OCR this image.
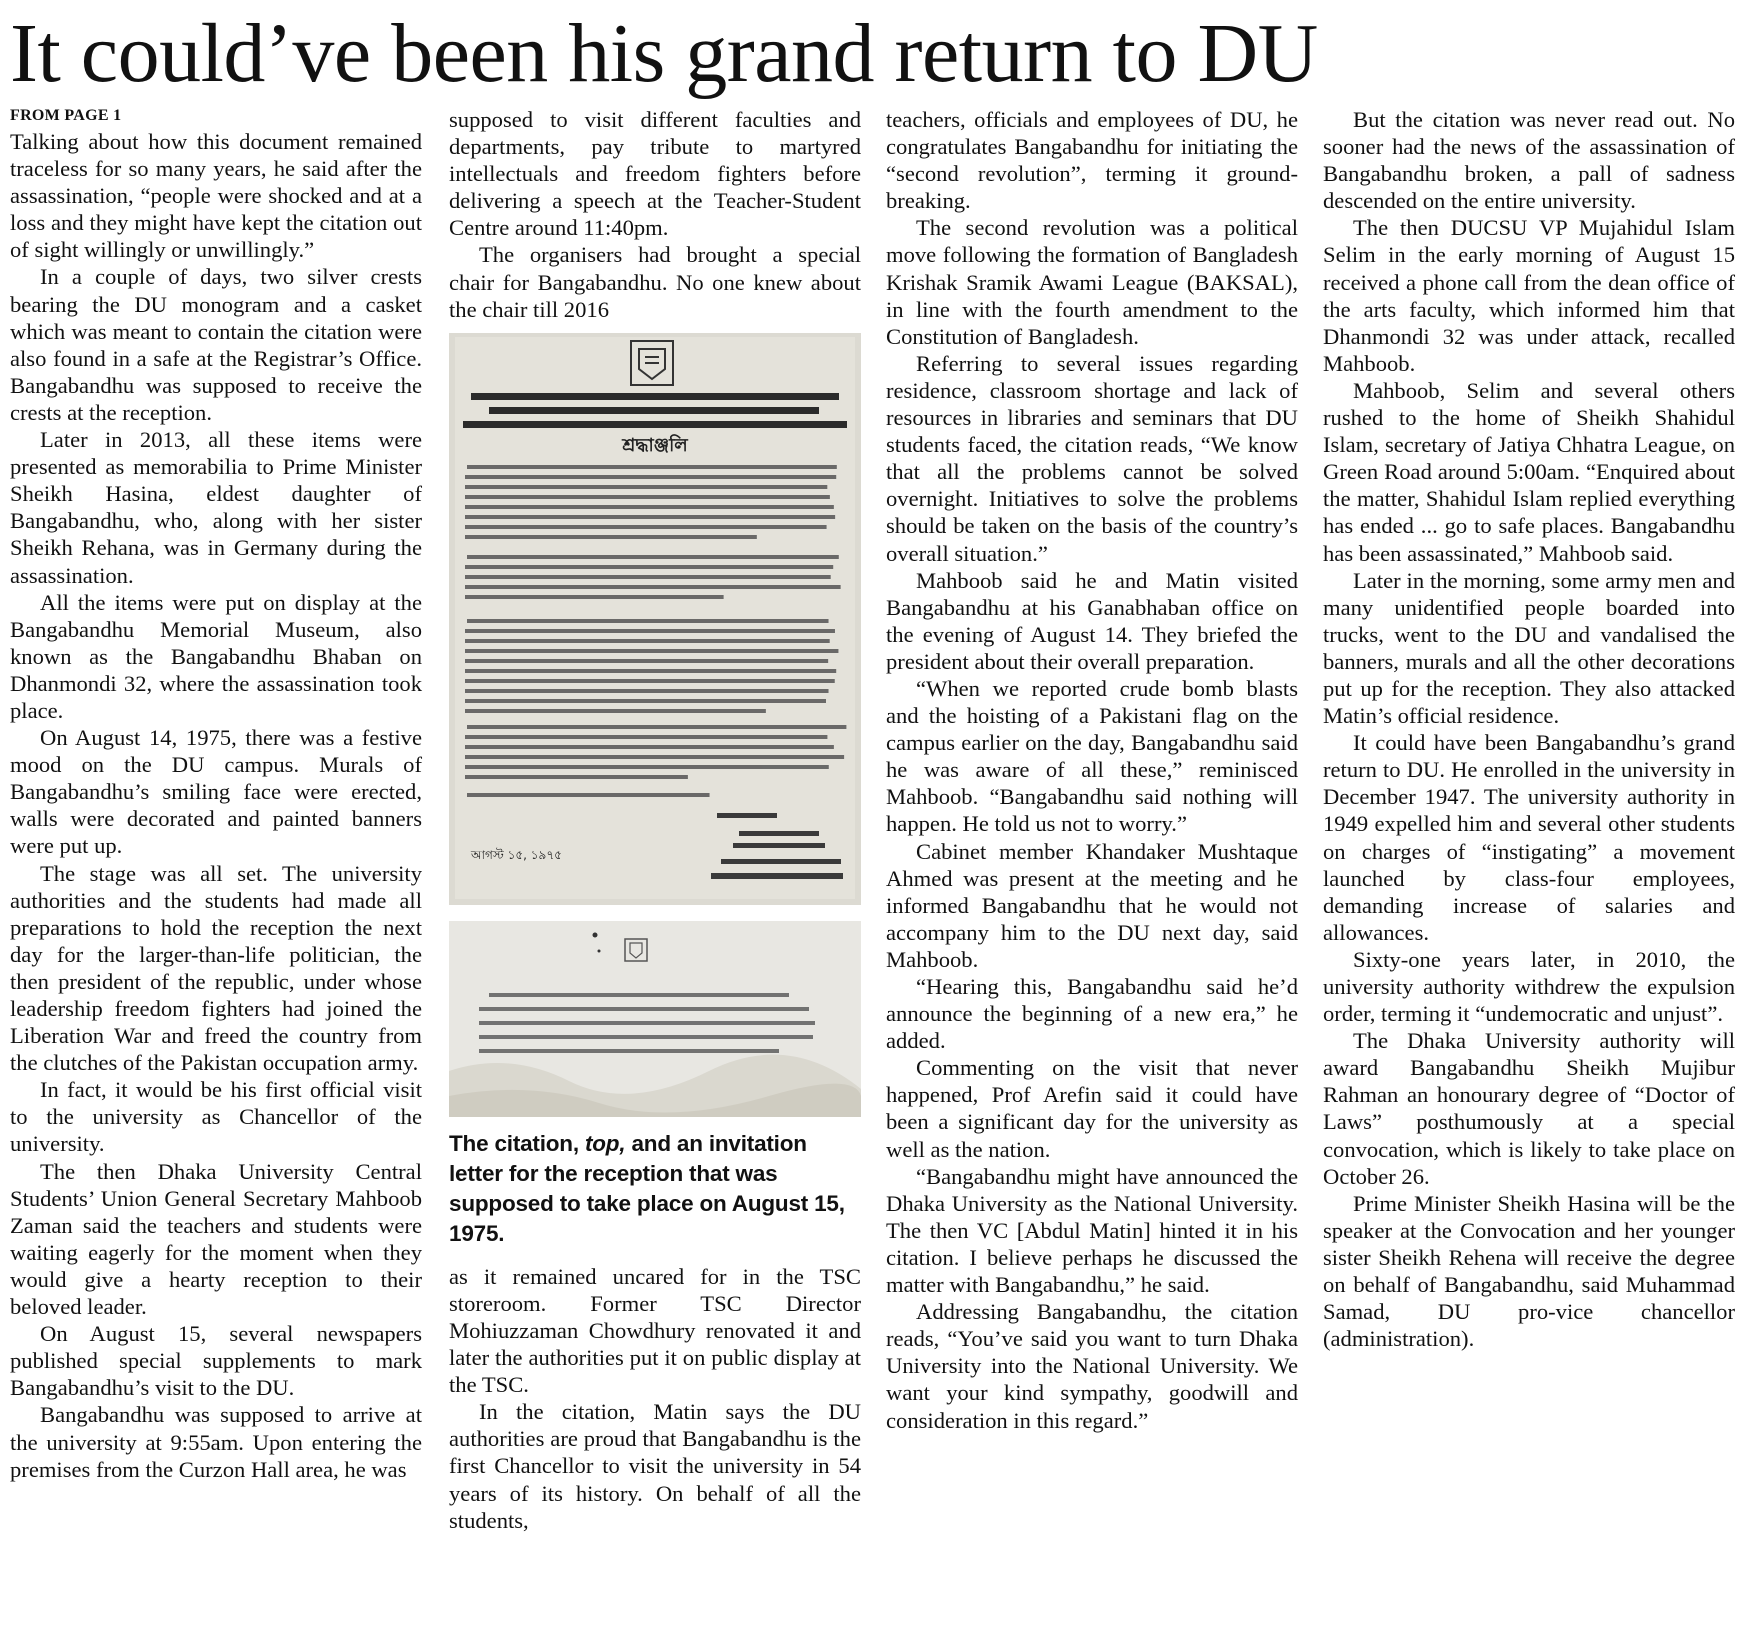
It could’ve been his grand return to DU
FROM PAGE 1

Talking about how this document remained traceless for so many years, he said after the assassination, “people were shocked and at a loss and they might have kept the citation out of sight willingly or unwillingly.”

In a couple of days, two silver crests bearing the DU monogram and a casket which was meant to contain the citation were also found in a safe at the Registrar’s Office. Bangabandhu was supposed to receive the crests at the reception.

Later in 2013, all these items were presented as memorabilia to Prime Minister Sheikh Hasina, eldest daughter of Bangabandhu, who, along with her sister Sheikh Rehana, was in Germany during the assassination.

All the items were put on display at the Bangabandhu Memorial Museum, also known as the Bangabandhu Bhaban on Dhanmondi 32, where the assassination took place.

On August 14, 1975, there was a festive mood on the DU campus. Murals of Bangabandhu’s smiling face were erected, walls were decorated and painted banners were put up.

The stage was all set. The university authorities and the students had made all preparations to hold the reception the next day for the larger-than-life politician, the then president of the republic, under whose leadership freedom fighters had joined the Liberation War and freed the country from the clutches of the Pakistan occupation army.

In fact, it would be his first official visit to the university as Chancellor of the university.

The then Dhaka University Central Students’ Union General Secretary Mahboob Zaman said the teachers and students were waiting eagerly for the moment when they would give a hearty reception to their beloved leader.

On August 15, several newspapers published special supplements to mark Bangabandhu’s visit to the DU.

Bangabandhu was supposed to arrive at the university at 9:55am. Upon entering the premises from the Curzon Hall area, he was

supposed to visit different faculties and departments, pay tribute to martyred intellectuals and freedom fighters before delivering a speech at the Teacher-Student Centre around 11:40pm.

The organisers had brought a special chair for Bangabandhu. No one knew about the chair till 2016

শ্রদ্ধাঞ্জলি
আগস্ট ১৫, ১৯৭৫
The citation, top, and an invitation letter for the reception that was supposed to take place on August 15, 1975.

as it remained uncared for in the TSC storeroom. Former TSC Director Mohiuzzaman Chowdhury renovated it and later the authorities put it on public display at the TSC.

In the citation, Matin says the DU authorities are proud that Bangabandhu is the first Chancellor to visit the university in 54 years of its history. On behalf of all the students,

teachers, officials and employees of DU, he congratulates Bangabandhu for initiating the “second revolution”, terming it ground-breaking.

The second revolution was a political move following the formation of Bangladesh Krishak Sramik Awami League (BAKSAL), in line with the fourth amendment to the Constitution of Bangladesh.

Referring to several issues regarding residence, classroom shortage and lack of resources in libraries and seminars that DU students faced, the citation reads, “We know that all the problems cannot be solved overnight. Initiatives to solve the problems should be taken on the basis of the country’s overall situation.”

Mahboob said he and Matin visited Bangabandhu at his Ganabhaban office on the evening of August 14. They briefed the president about their overall preparation.

“When we reported crude bomb blasts and the hoisting of a Pakistani flag on the campus earlier on the day, Bangabandhu said he was aware of all these,” reminisced Mahboob. “Bangabandhu said nothing will happen. He told us not to worry.”

Cabinet member Khandaker Mushtaque Ahmed was present at the meeting and he informed Bangabandhu that he would not accompany him to the DU next day, said Mahboob.

“Hearing this, Bangabandhu said he’d announce the beginning of a new era,” he added.

Commenting on the visit that never happened, Prof Arefin said it could have been a significant day for the university as well as the nation.

“Bangabandhu might have announced the Dhaka University as the National University. The then VC [Abdul Matin] hinted it in his citation. I believe perhaps he discussed the matter with Bangabandhu,” he said.

Addressing Bangabandhu, the citation reads, “You’ve said you want to turn Dhaka University into the National University. We want your kind sympathy, goodwill and consideration in this regard.”

But the citation was never read out. No sooner had the news of the assassination of Bangabandhu broken, a pall of sadness descended on the entire university.

The then DUCSU VP Mujahidul Islam Selim in the early morning of August 15 received a phone call from the dean office of the arts faculty, which informed him that Dhanmondi 32 was under attack, recalled Mahboob.

Mahboob, Selim and several others rushed to the home of Sheikh Shahidul Islam, secretary of Jatiya Chhatra League, on Green Road around 5:00am. “Enquired about the matter, Shahidul Islam replied everything has ended ... go to safe places. Bangabandhu has been assassinated,” Mahboob said.

Later in the morning, some army men and many unidentified people boarded into trucks, went to the DU and vandalised the banners, murals and all the other decorations put up for the reception. They also attacked Matin’s official residence.

It could have been Bangabandhu’s grand return to DU. He enrolled in the university in December 1947. The university authority in 1949 expelled him and several other students on charges of “instigating” a movement launched by class-four employees, demanding increase of salaries and allowances.

Sixty-one years later, in 2010, the university authority withdrew the expulsion order, terming it “undemocratic and unjust”.

The Dhaka University authority will award Bangabandhu Sheikh Mujibur Rahman an honourary degree of “Doctor of Laws” posthumously at a special convocation, which is likely to take place on October 26.

Prime Minister Sheikh Hasina will be the speaker at the Convocation and her younger sister Sheikh Rehena will receive the degree on behalf of Bangabandhu, said Muhammad Samad, DU pro-vice chancellor (administration).
